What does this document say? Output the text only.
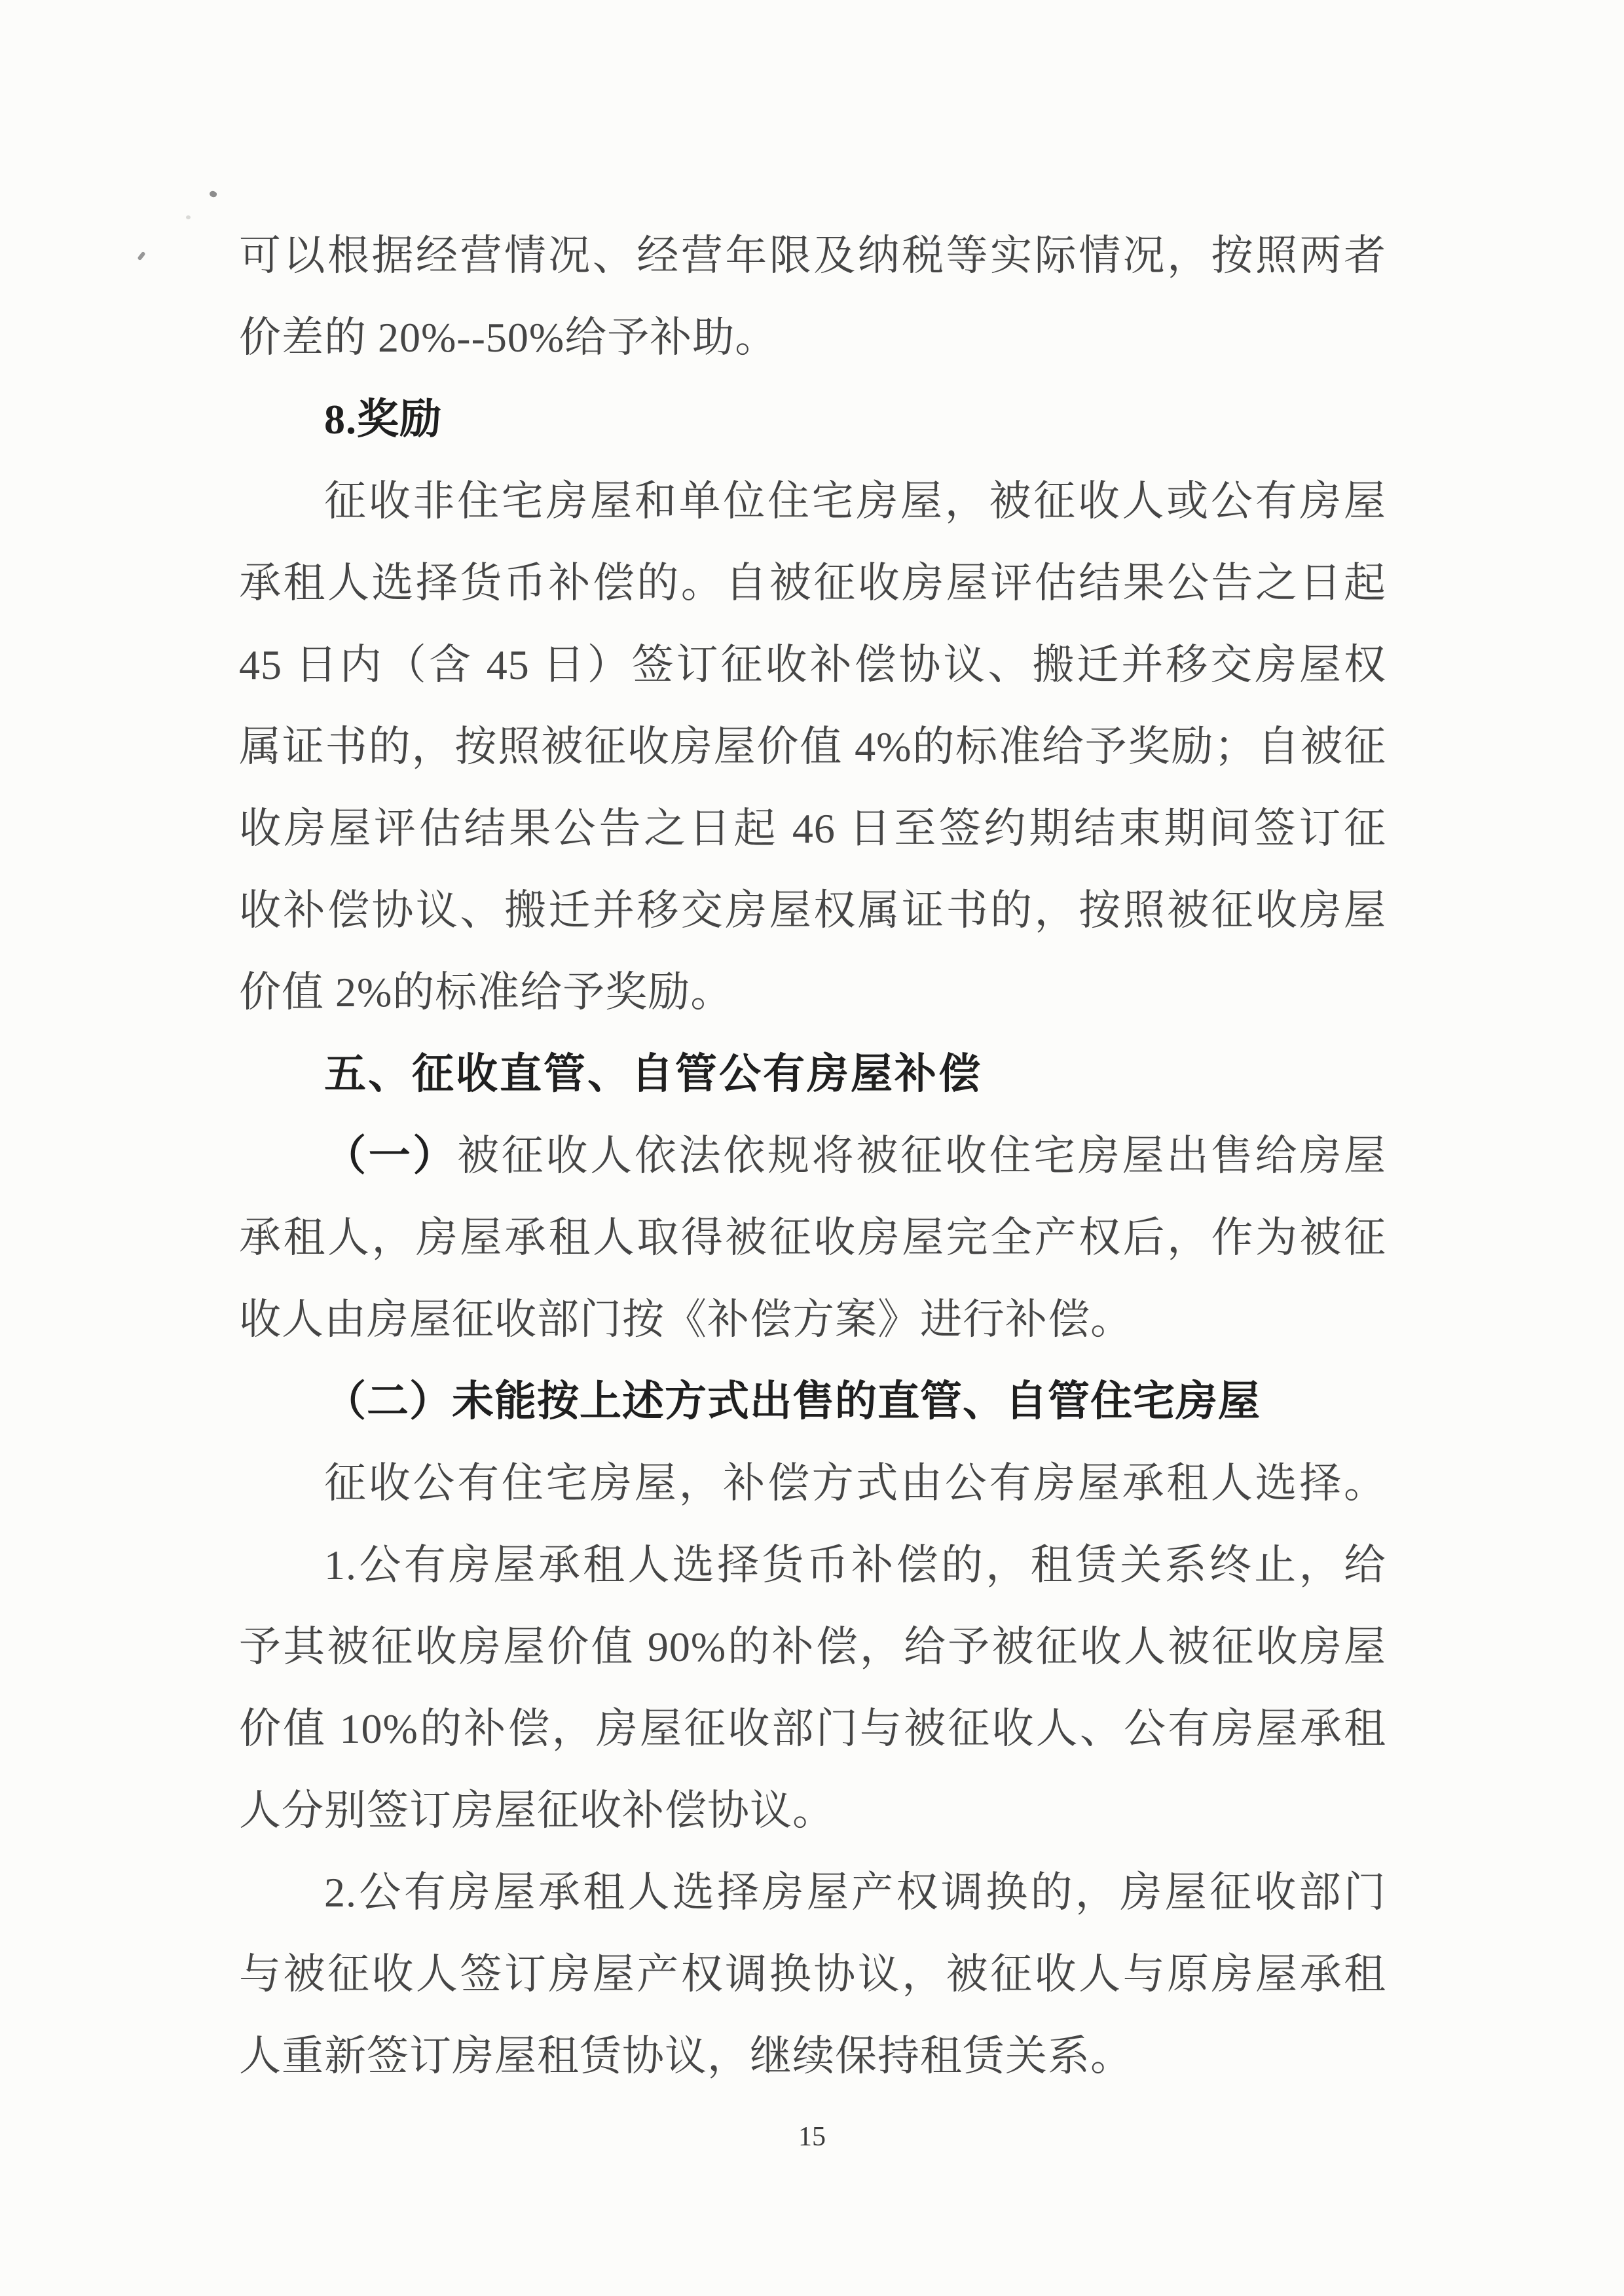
可以根据经营情况、经营年限及纳税等实际情况，按照两者
价差的 20%--50%给予补助。
8.奖励
征收非住宅房屋和单位住宅房屋，被征收人或公有房屋
承租人选择货币补偿的。自被征收房屋评估结果公告之日起
45 日内（含 45 日）签订征收补偿协议、搬迁并移交房屋权
属证书的，按照被征收房屋价值 4%的标准给予奖励；自被征
收房屋评估结果公告之日起 46 日至签约期结束期间签订征
收补偿协议、搬迁并移交房屋权属证书的，按照被征收房屋
价值 2%的标准给予奖励。
五、征收直管、自管公有房屋补偿
（一）被征收人依法依规将被征收住宅房屋出售给房屋
承租人，房屋承租人取得被征收房屋完全产权后，作为被征
收人由房屋征收部门按《补偿方案》进行补偿。
（二）未能按上述方式出售的直管、自管住宅房屋
征收公有住宅房屋，补偿方式由公有房屋承租人选择。
1.公有房屋承租人选择货币补偿的，租赁关系终止，给
予其被征收房屋价值 90%的补偿，给予被征收人被征收房屋
价值 10%的补偿，房屋征收部门与被征收人、公有房屋承租
人分别签订房屋征收补偿协议。
2.公有房屋承租人选择房屋产权调换的，房屋征收部门
与被征收人签订房屋产权调换协议，被征收人与原房屋承租
人重新签订房屋租赁协议，继续保持租赁关系。
15
